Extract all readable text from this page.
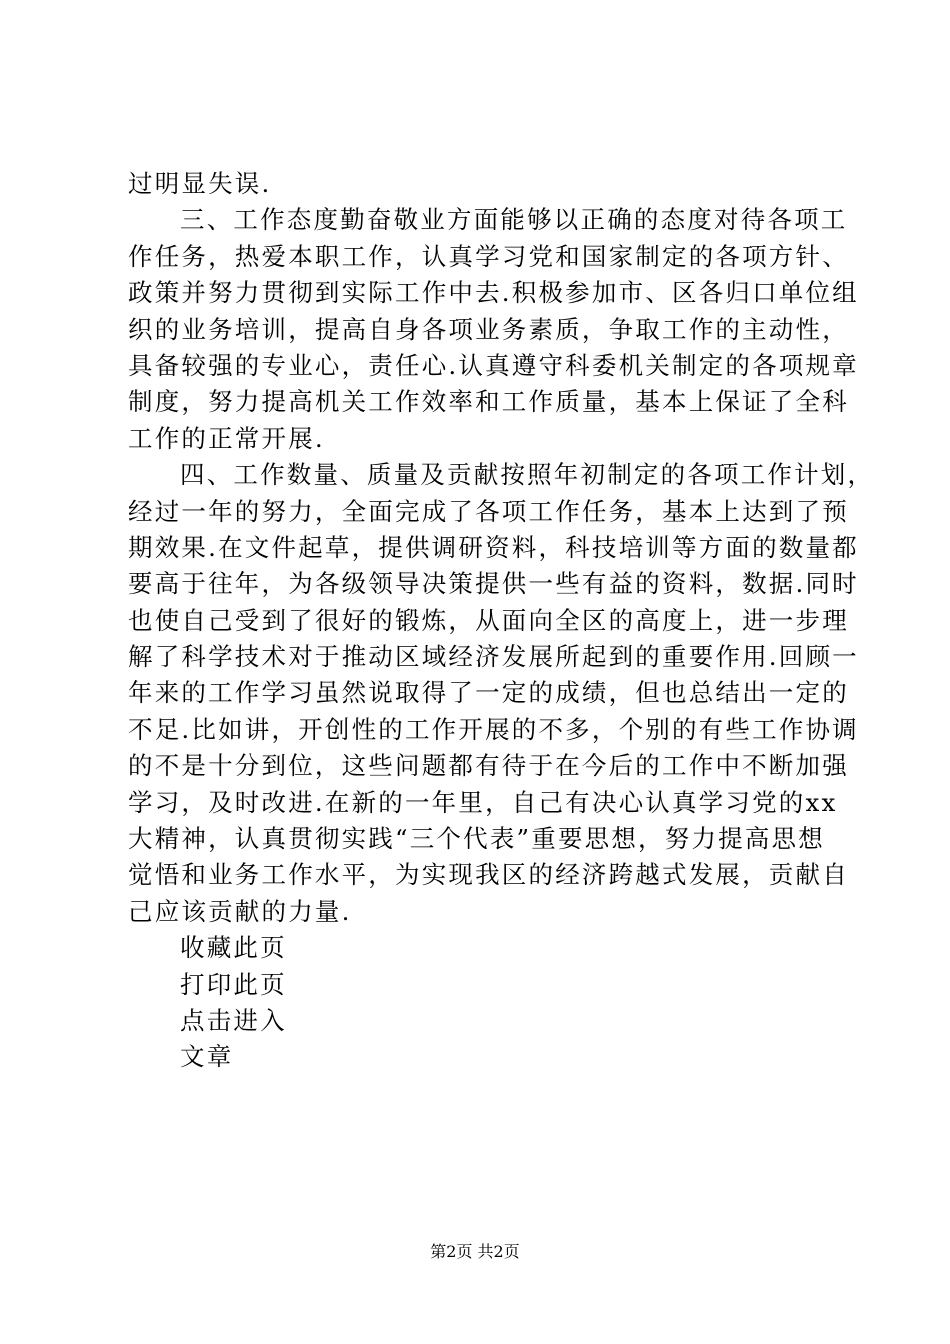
过明显失误.
三、工作态度勤奋敬业方面能够以正确的态度对待各项工
作任务，热爱本职工作，认真学习党和国家制定的各项方针、
政策并努力贯彻到实际工作中去.积极参加市、区各归口单位组
织的业务培训，提高自身各项业务素质，争取工作的主动性，
具备较强的专业心，责任心.认真遵守科委机关制定的各项规章
制度，努力提高机关工作效率和工作质量，基本上保证了全科
工作的正常开展.
四、工作数量、质量及贡献按照年初制定的各项工作计划，
经过一年的努力，全面完成了各项工作任务，基本上达到了预
期效果.在文件起草，提供调研资料，科技培训等方面的数量都
要高于往年，为各级领导决策提供一些有益的资料，数据.同时
也使自己受到了很好的锻炼，从面向全区的高度上，进一步理
解了科学技术对于推动区域经济发展所起到的重要作用.回顾一
年来的工作学习虽然说取得了一定的成绩，但也总结出一定的
不足.比如讲，开创性的工作开展的不多，个别的有些工作协调
的不是十分到位，这些问题都有待于在今后的工作中不断加强
学习，及时改进.在新的一年里，自己有决心认真学习党的xx
大精神，认真贯彻实践“三个代表”重要思想，努力提高思想
觉悟和业务工作水平，为实现我区的经济跨越式发展，贡献自
己应该贡献的力量.
收藏此页
打印此页
点击进入
文章
第2页 共2页
